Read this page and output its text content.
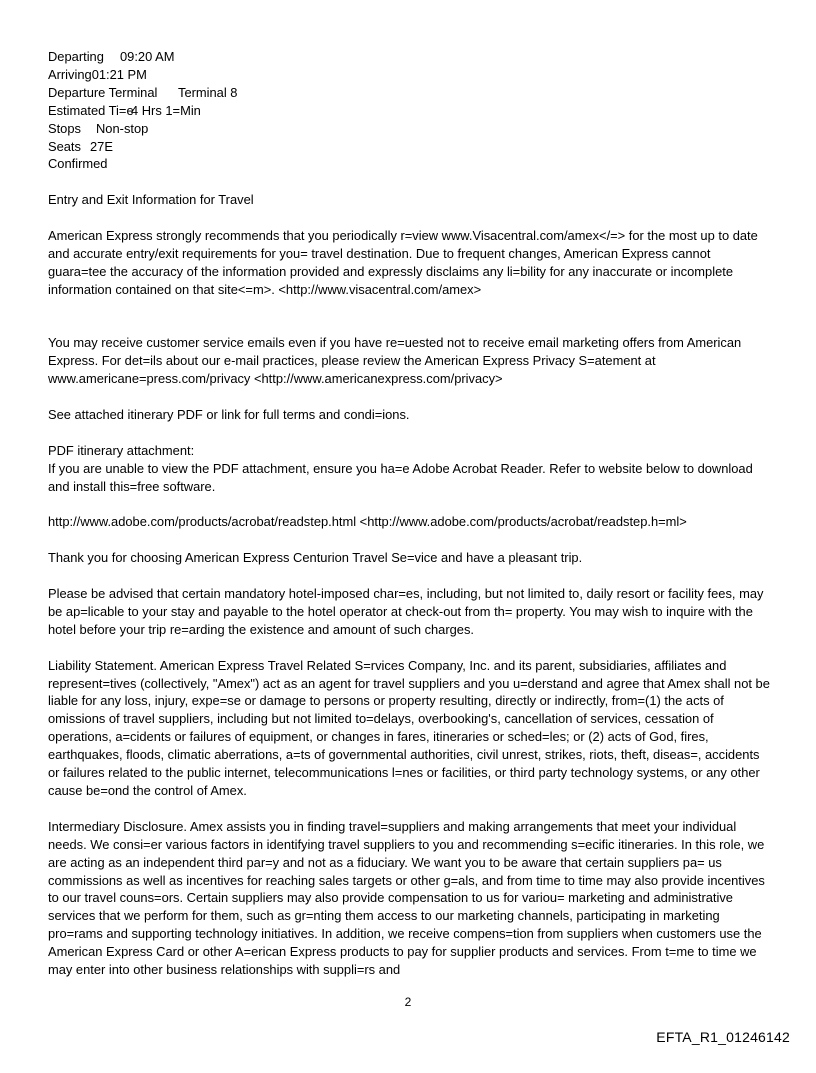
Departing 09:20 AM
Arriving01:21 PM
Departure Terminal Terminal 8
Estimated Ti=e4 Hrs 1=Min
Stops Non-stop
Seats 27E
Confirmed

Entry and Exit Information for Travel

American Express strongly recommends that you periodically r=view www.Visacentral.com/amex</=> for the most up to date and accurate entry/exit requirements for you= travel destination. Due to frequent changes, American Express cannot guara=tee the accuracy of the information provided and expressly disclaims any li=bility for any inaccurate or incomplete information contained on that site<=m>. <http://www.visacentral.com/amex>

You may receive customer service emails even if you have re=uested not to receive email marketing offers from American Express. For det=ils about our e-mail practices, please review the American Express Privacy S=atement at www.americane=press.com/privacy <http://www.americanexpress.com/privacy>

See attached itinerary PDF or link for full terms and condi=ions.

PDF itinerary attachment:

If you are unable to view the PDF attachment, ensure you ha=e Adobe Acrobat Reader. Refer to website below to download and install this=free software.

http://www.adobe.com/products/acrobat/readstep.html <http://www.adobe.com/products/acrobat/readstep.h=ml>

Thank you for choosing American Express Centurion Travel Se=vice and have a pleasant trip.

Please be advised that certain mandatory hotel-imposed char=es, including, but not limited to, daily resort or facility fees, may be ap=licable to your stay and payable to the hotel operator at check-out from th= property. You may wish to inquire with the hotel before your trip re=arding the existence and amount of such charges.

Liability Statement. American Express Travel Related S=rvices Company, Inc. and its parent, subsidiaries, affiliates and represent=tives (collectively, "Amex") act as an agent for travel suppliers and you u=derstand and agree that Amex shall not be liable for any loss, injury, expe=se or damage to persons or property resulting, directly or indirectly, from=(1) the acts of omissions of travel suppliers, including but not limited to=delays, overbooking's, cancellation of services, cessation of operations, a=cidents or failures of equipment, or changes in fares, itineraries or sched=les; or (2) acts of God, fires, earthquakes, floods, climatic aberrations, a=ts of governmental authorities, civil unrest, strikes, riots, theft, diseas=, accidents or failures related to the public internet, telecommunications l=nes or facilities, or third party technology systems, or any other cause be=ond the control of Amex.

Intermediary Disclosure. Amex assists you in finding travel=suppliers and making arrangements that meet your individual needs. We consi=er various factors in identifying travel suppliers to you and recommending s=ecific itineraries. In this role, we are acting as an independent third par=y and not as a fiduciary. We want you to be aware that certain suppliers pa= us commissions as well as incentives for reaching sales targets or other g=als, and from time to time may also provide incentives to our travel couns=ors. Certain suppliers may also provide compensation to us for variou= marketing and administrative services that we perform for them, such as gr=nting them access to our marketing channels, participating in marketing pro=rams and supporting technology initiatives. In addition, we receive compens=tion from suppliers when customers use the American Express Card or other A=erican Express products to pay for supplier products and services. From t=me to time we may enter into other business relationships with suppli=rs and

2
EFTA_R1_01246142
